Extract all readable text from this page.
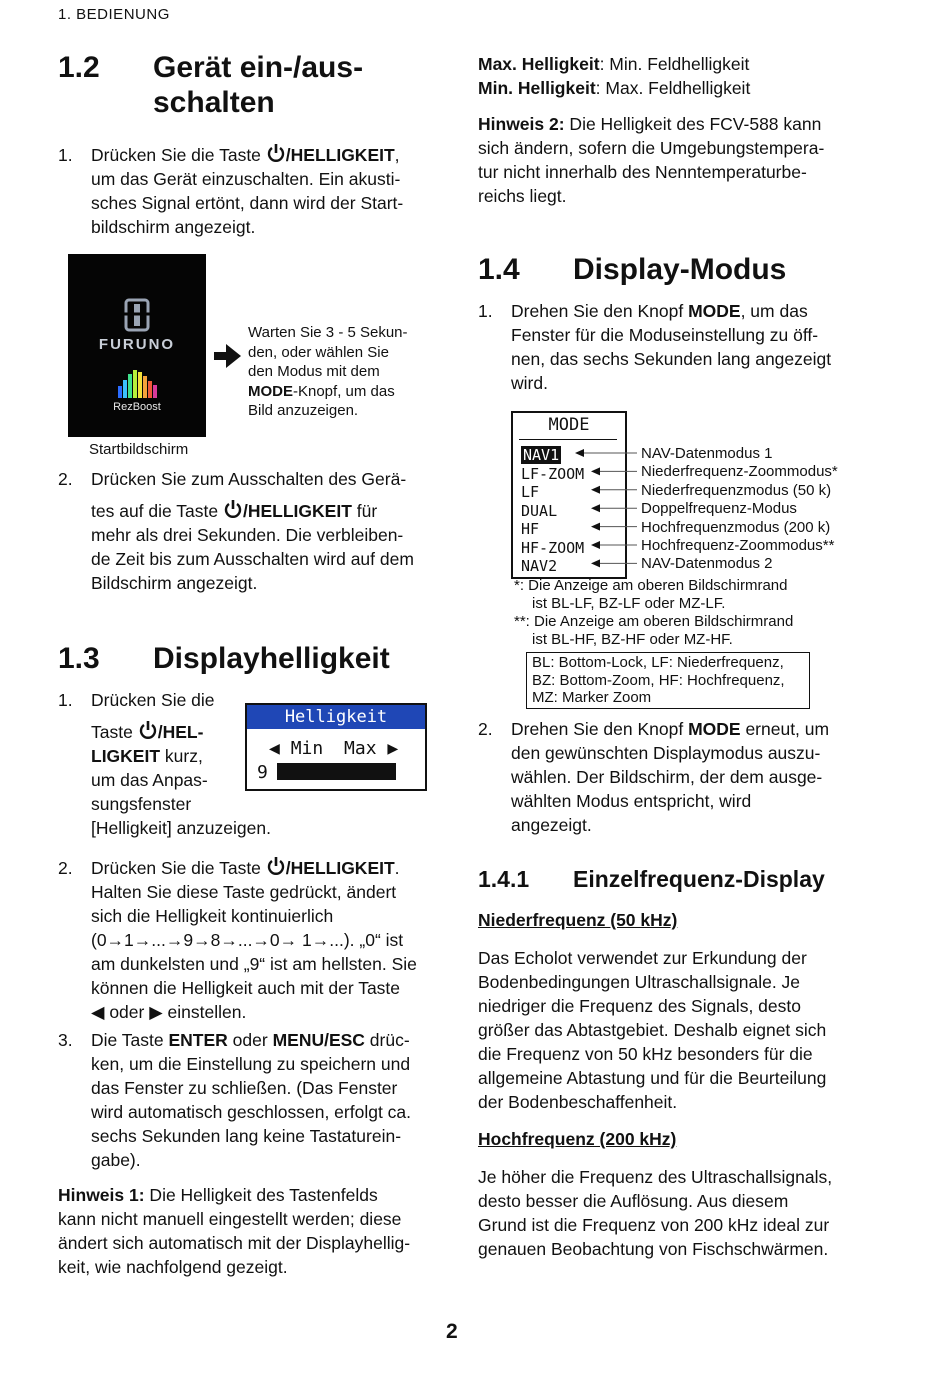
1. BEDIENUNG
1.2 Gerät ein-/aus-
schalten
1. Drücken Sie die Taste /HELLIGKEIT,
um das Gerät einzuschalten. Ein akusti-
sches Signal ertönt, dann wird der Start-
bildschirm angezeigt.
FURUNO
RezBoost
Startbildschirm
Warten Sie 3 - 5 Sekun-
den, oder wählen Sie
den Modus mit dem
MODE-Knopf, um das
Bild anzuzeigen.
2. Drücken Sie zum Ausschalten des Gerä-
tes auf die Taste /HELLIGKEIT für
mehr als drei Sekunden. Die verbleiben-
de Zeit bis zum Ausschalten wird auf dem
Bildschirm angezeigt.
1.3 Displayhelligkeit
1. Drücken Sie die
Taste /HEL-
LIGKEIT kurz,
um das Anpas-
sungsfenster
[Helligkeit] anzuzeigen.
Helligkeit
◀ Min Max ▶
9
2. Drücken Sie die Taste /HELLIGKEIT.
Halten Sie diese Taste gedrückt, ändert
sich die Helligkeit kontinuierlich
(0→1→...→9→8→...→0→ 1→...). „0“ ist
am dunkelsten und „9“ ist am hellsten. Sie
können die Helligkeit auch mit der Taste
◀ oder ▶ einstellen.
3. Die Taste ENTER oder MENU/ESC drüc-
ken, um die Einstellung zu speichern und
das Fenster zu schließen. (Das Fenster
wird automatisch geschlossen, erfolgt ca.
sechs Sekunden lang keine Tastaturein-
gabe).
Hinweis 1: Die Helligkeit des Tastenfelds
kann nicht manuell eingestellt werden; diese
ändert sich automatisch mit der Displayhellig-
keit, wie nachfolgend gezeigt.
Max. Helligkeit: Min. Feldhelligkeit
Min. Helligkeit: Max. Feldhelligkeit
Hinweis 2: Die Helligkeit des FCV-588 kann
sich ändern, sofern die Umgebungstempera-
tur nicht innerhalb des Nenntemperaturbe-
reichs liegt.
1.4 Display-Modus
1. Drehen Sie den Knopf MODE, um das
Fenster für die Moduseinstellung zu öff-
nen, das sechs Sekunden lang angezeigt
wird.
MODE
NAV1

LF-ZOOM
LF
DUAL
HF
HF-ZOOM
NAV2
NAV-Datenmodus 1
Niederfrequenz-Zoommodus*
Niederfrequenzmodus (50 k)
Doppelfrequenz-Modus
Hochfrequenzmodus (200 k)
Hochfrequenz-Zoommodus**
NAV-Datenmodus 2
*: Die Anzeige am oberen Bildschirmrand
ist BL-LF, BZ-LF oder MZ-LF.
**: Die Anzeige am oberen Bildschirmrand
ist BL-HF, BZ-HF oder MZ-HF.
BL: Bottom-Lock, LF: Niederfrequenz,
BZ: Bottom-Zoom, HF: Hochfrequenz,
MZ: Marker Zoom
2. Drehen Sie den Knopf MODE erneut, um
den gewünschten Displaymodus auszu-
wählen. Der Bildschirm, der dem ausge-
wählten Modus entspricht, wird
angezeigt.
1.4.1 Einzelfrequenz-Display
Niederfrequenz (50 kHz)
Das Echolot verwendet zur Erkundung der
Bodenbedingungen Ultraschallsignale. Je
niedriger die Frequenz des Signals, desto
größer das Abtastgebiet. Deshalb eignet sich
die Frequenz von 50 kHz besonders für die
allgemeine Abtastung und für die Beurteilung
der Bodenbeschaffenheit.
Hochfrequenz (200 kHz)
Je höher die Frequenz des Ultraschallsignals,
desto besser die Auflösung. Aus diesem
Grund ist die Frequenz von 200 kHz ideal zur
genauen Beobachtung von Fischschwärmen.
2
